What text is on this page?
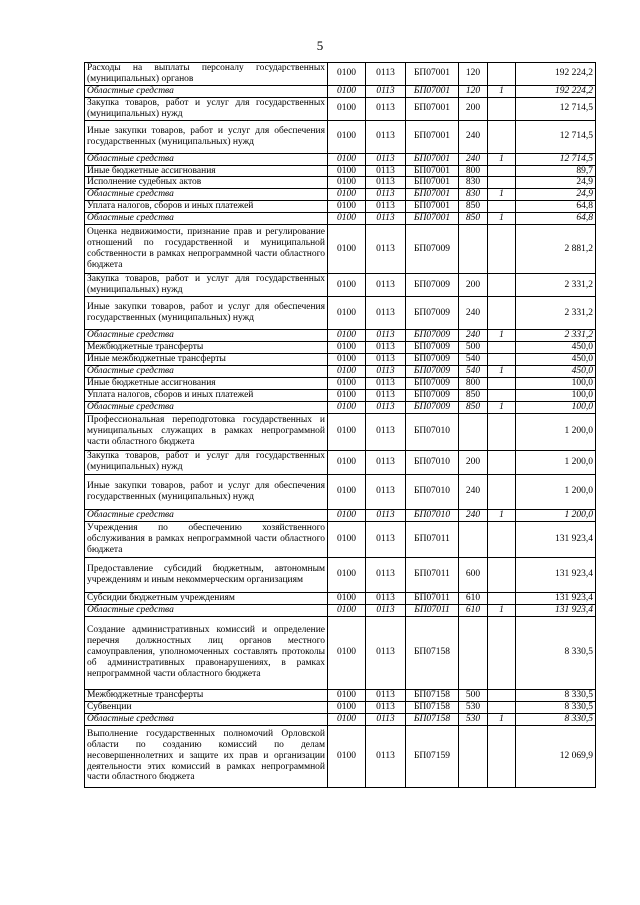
5
Расходы на выплаты персоналу государственных (муниципальных) органов	0100	0113	БП07001	120		192 224,2
Областные средства	0100	0113	БП07001	120	1	192 224,2
Закупка товаров, работ и услуг для государственных (муниципальных) нужд	0100	0113	БП07001	200		12 714,5
Иные закупки товаров, работ и услуг для обеспечения государственных (муниципальных) нужд	0100	0113	БП07001	240		12 714,5
Областные средства	0100	0113	БП07001	240	1	12 714,5
Иные бюджетные ассигнования	0100	0113	БП07001	800		89,7
Исполнение судебных актов	0100	0113	БП07001	830		24,9
Областные средства	0100	0113	БП07001	830	1	24,9
Уплата налогов, сборов и иных платежей	0100	0113	БП07001	850		64,8
Областные средства	0100	0113	БП07001	850	1	64,8
Оценка недвижимости, признание прав и регулирование отношений по государственной и муниципальной собственности в рамках непрограммной части областного бюджета	0100	0113	БП07009			2 881,2
Закупка товаров, работ и услуг для государственных (муниципальных) нужд	0100	0113	БП07009	200		2 331,2
Иные закупки товаров, работ и услуг для обеспечения государственных (муниципальных) нужд	0100	0113	БП07009	240		2 331,2
Областные средства	0100	0113	БП07009	240	1	2 331,2
Межбюджетные трансферты	0100	0113	БП07009	500		450,0
Иные межбюджетные трансферты	0100	0113	БП07009	540		450,0
Областные средства	0100	0113	БП07009	540	1	450,0
Иные бюджетные ассигнования	0100	0113	БП07009	800		100,0
Уплата налогов, сборов и иных платежей	0100	0113	БП07009	850		100,0
Областные средства	0100	0113	БП07009	850	1	100,0
Профессиональная переподготовка государственных и муниципальных служащих в рамках непрограммной части областного бюджета	0100	0113	БП07010			1 200,0
Закупка товаров, работ и услуг для государственных (муниципальных) нужд	0100	0113	БП07010	200		1 200,0
Иные закупки товаров, работ и услуг для обеспечения государственных (муниципальных) нужд	0100	0113	БП07010	240		1 200,0
Областные средства	0100	0113	БП07010	240	1	1 200,0
Учреждения по обеспечению хозяйственного обслуживания в рамках непрограммной части областного бюджета	0100	0113	БП07011			131 923,4
Предоставление субсидий бюджетным, автономным учреждениям и иным некоммерческим организациям	0100	0113	БП07011	600		131 923,4
Субсидии бюджетным учреждениям	0100	0113	БП07011	610		131 923,4
Областные средства	0100	0113	БП07011	610	1	131 923,4
Создание административных комиссий и определение перечня должностных лиц органов местного самоуправления, уполномоченных составлять протоколы об административных правонарушениях, в рамках непрограммной части областного бюджета	0100	0113	БП07158			8 330,5
Межбюджетные трансферты	0100	0113	БП07158	500		8 330,5
Субвенции	0100	0113	БП07158	530		8 330,5
Областные средства	0100	0113	БП07158	530	1	8 330,5
Выполнение государственных полномочий Орловской области по созданию комиссий по делам несовершеннолетних и защите их прав и организации деятельности этих комиссий в рамках непрограммной части областного бюджета	0100	0113	БП07159			12 069,9
